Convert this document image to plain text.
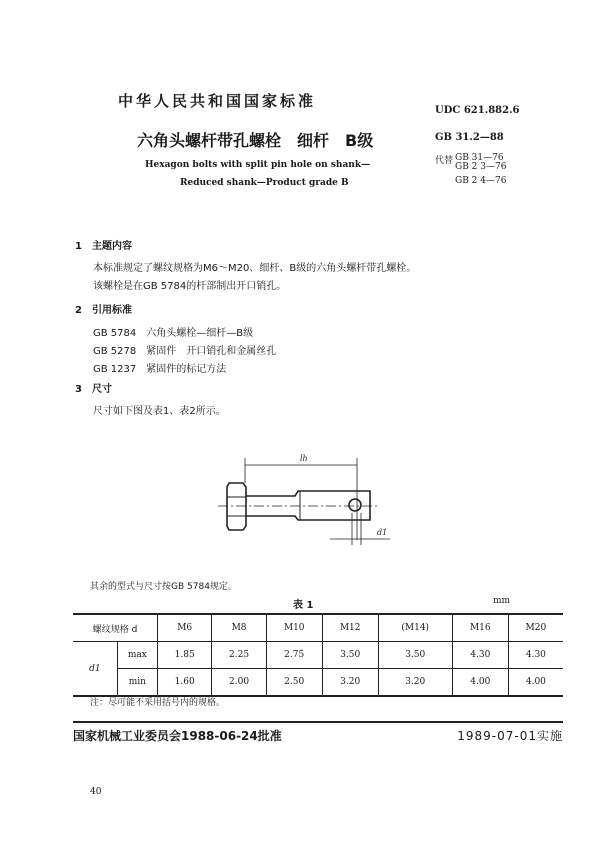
中华人民共和国国家标准
UDC 621.882.6
六角头螺杆带孔螺栓　细杆　B级	GB 31.2—88
Hexagon bolts with split pin hole on shank—
Reduced shank—Product grade B
代替 GB 31—76
GB 2 3—76
GB 2 4—76
1　主题内容
本标准规定了螺纹规格为M6～M20、细杆、B级的六角头螺杆带孔螺栓。
该螺栓是在GB 5784的杆部制出开口销孔。
2　引用标准
GB 5784　六角头螺栓—细杆—B级
GB 5278　紧固件　开口销孔和金属丝孔
GB 1237　紧固件的标记方法
3　尺寸
尺寸如下图及表1、表2所示。
lh
d1
其余的型式与尺寸按GB 5784规定。
表 1	mm
螺纹规格 d		M6	M8	M10	M12	(M14)	M16	M20
d1	max	1.85	2.25	2.75	3.50	3.50	4.30	4.30
	min	1.60	2.00	2.50	3.20	3.20	4.00	4.00
注：尽可能不采用括号内的规格。
国家机械工业委员会1988-06-24批准	1989-07-01实施
40
